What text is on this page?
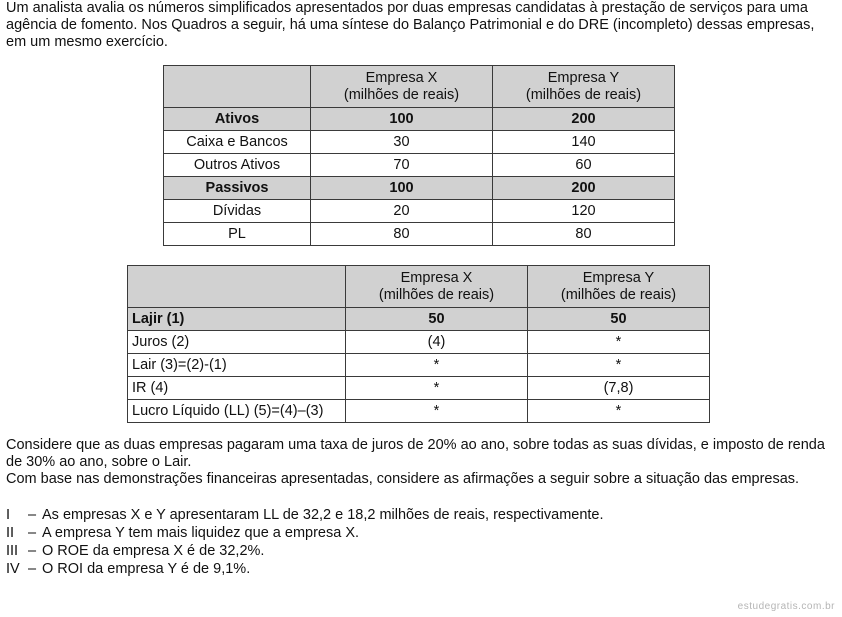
Um analista avalia os números simplificados apresentados por duas empresas candidatas à prestação de serviços para uma agência de fomento. Nos Quadros a seguir, há uma síntese do Balanço Patrimonial e do DRE (incompleto) dessas empresas, em um mesmo exercício.
	Empresa X
(milhões de reais)	Empresa Y
(milhões de reais)
Ativos	100	200
Caixa e Bancos	30	140
Outros Ativos	70	60
Passivos	100	200
Dívidas	20	120
PL	80	80
	Empresa X
(milhões de reais)	Empresa Y
(milhões de reais)
Lajir (1)	50	50
Juros (2)	(4)	*
Lair (3)=(2)-(1)	*	*
IR (4)	*	(7,8)
Lucro Líquido (LL) (5)=(4)–(3)	*	*
Considere que as duas empresas pagaram uma taxa de juros de 20% ao ano, sobre todas as suas dívidas, e imposto de renda de 30% ao ano, sobre o Lair.
Com base nas demonstrações financeiras apresentadas, considere as afirmações a seguir sobre a situação das empresas.
I	– As empresas X e Y apresentaram LL de 32,2 e 18,2 milhões de reais, respectivamente.
II – A empresa Y tem mais liquidez que a empresa X.
III – O ROE da empresa X é de 32,2%.
IV – O ROI da empresa Y é de 9,1%.
estudegratis.com.br
